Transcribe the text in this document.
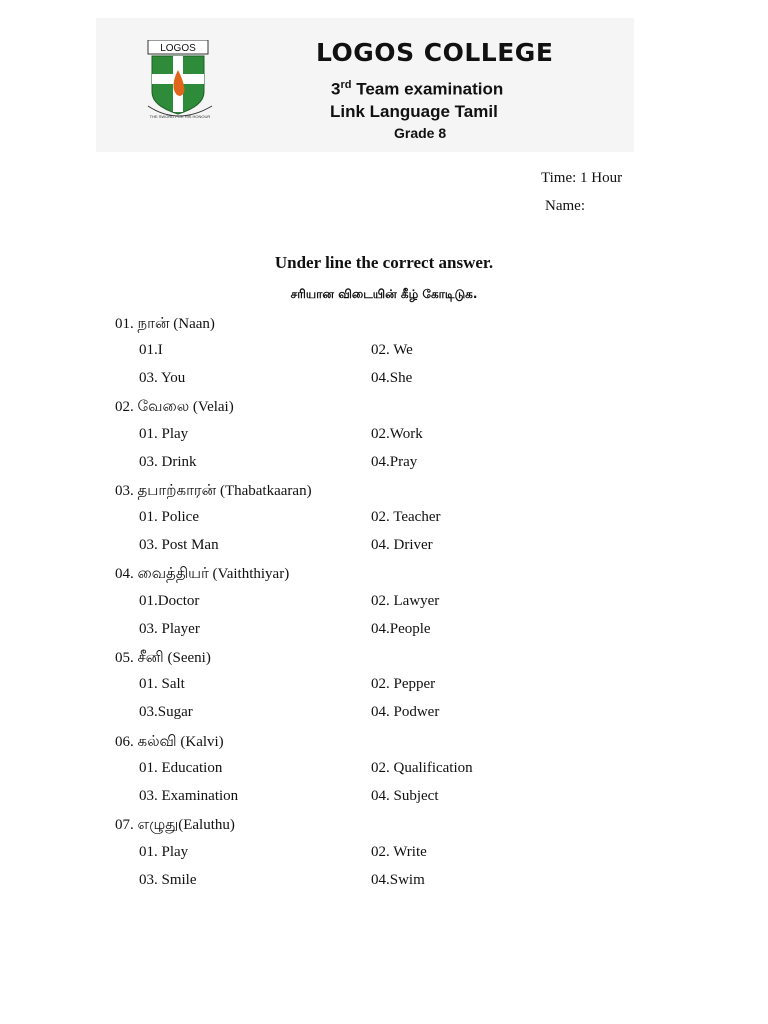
LOGOS
THE SWORD FOR HIS HONOUR
LOGOS COLLEGE
3rd Team examination
Link Language Tamil
Grade 8
Time: 1 Hour
Name:
Under line the correct answer.
சரியான விடையின் கீழ் கோடிடுக.
01. நான் (Naan)
01.I	02. We
03. You	04.She
02. வேலை (Velai)
01. Play	02.Work
03. Drink	04.Pray
03. தபாற்காரன் (Thabatkaaran)
01. Police	02. Teacher
03. Post Man	04. Driver
04. வைத்தியர் (Vaiththiyar)
01.Doctor	02. Lawyer
03. Player	04.People
05. சீனி (Seeni)
01. Salt	02. Pepper
03.Sugar	04. Podwer
06. கல்வி (Kalvi)
01. Education	02. Qualification
03. Examination	04. Subject
07. எழுது(Ealuthu)
01. Play	02. Write
03. Smile	04.Swim
